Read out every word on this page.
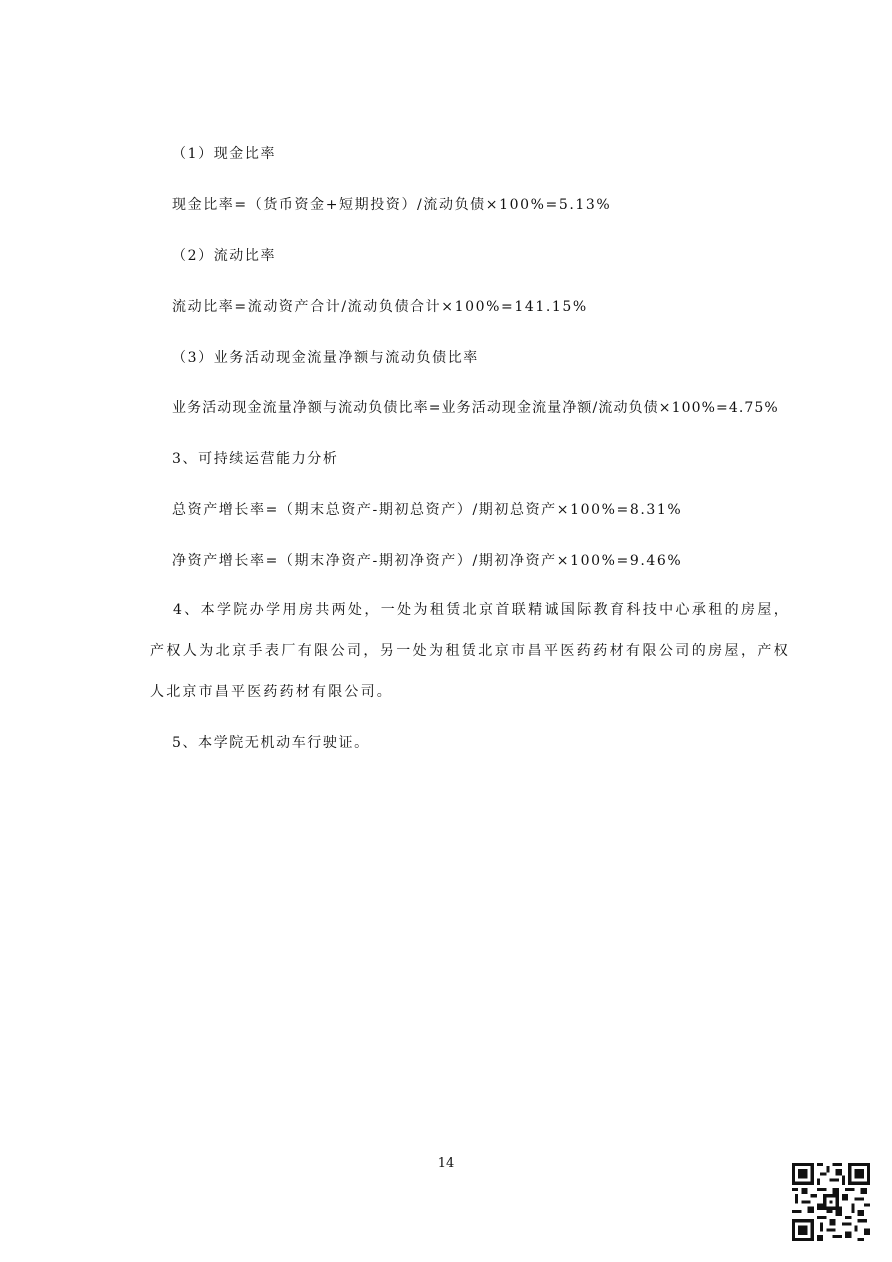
（1）现金比率
现金比率=（货币资金+短期投资）/流动负债×100%=5.13%
（2）流动比率
流动比率=流动资产合计/流动负债合计×100%=141.15%
（3）业务活动现金流量净额与流动负债比率
业务活动现金流量净额与流动负债比率=业务活动现金流量净额/流动负债×100%=4.75%
3、可持续运营能力分析
总资产增长率=（期末总资产-期初总资产）/期初总资产×100%=8.31%
净资产增长率=（期末净资产-期初净资产）/期初净资产×100%=9.46%
4、本学院办学用房共两处，一处为租赁北京首联精诚国际教育科技中心承租的房屋，产权人为北京手表厂有限公司，另一处为租赁北京市昌平医药药材有限公司的房屋，产权人北京市昌平医药药材有限公司。
5、本学院无机动车行驶证。
14
